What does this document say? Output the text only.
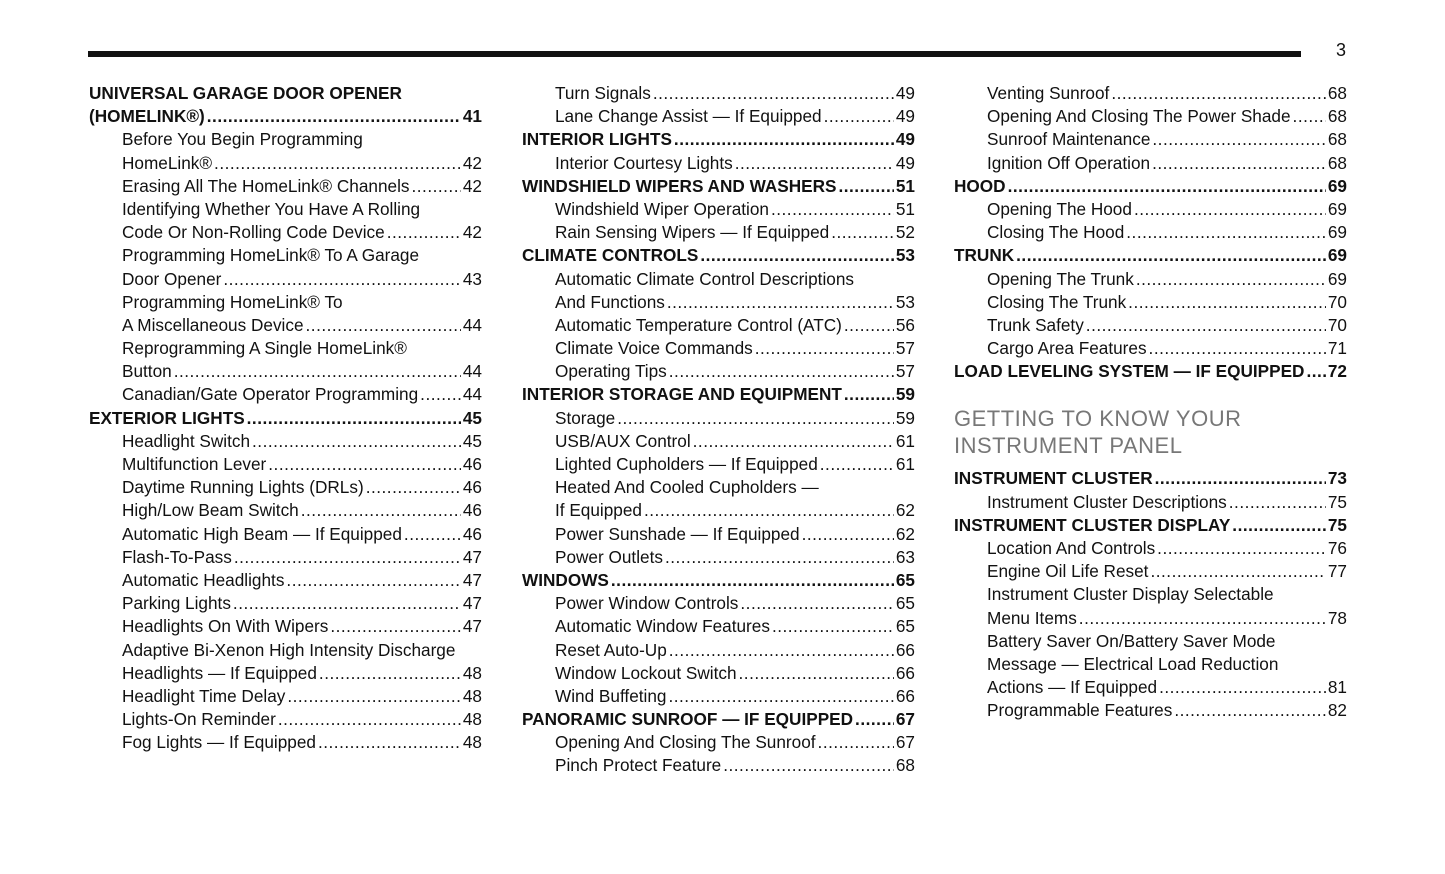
3
UNIVERSAL GARAGE DOOR OPENER
(HOMELINK®) .....	41
Before You Begin Programming
HomeLink® .....	42
Erasing All The HomeLink® Channels .....	42
Identifying Whether You Have A Rolling
Code Or Non-Rolling Code Device .....	42
Programming HomeLink® To A Garage
Door Opener .....	43
Programming HomeLink® To
A Miscellaneous Device .....	44
Reprogramming A Single HomeLink®
Button .....	44
Canadian/Gate Operator Programming .....	44
EXTERIOR LIGHTS .....	45
Headlight Switch .....	45
Multifunction Lever .....	46
Daytime Running Lights (DRLs) .....	46
High/Low Beam Switch .....	46
Automatic High Beam — If Equipped .....	46
Flash-To-Pass .....	47
Automatic Headlights .....	47
Parking Lights .....	47
Headlights On With Wipers .....	47
Adaptive Bi-Xenon High Intensity Discharge
Headlights — If Equipped .....	48
Headlight Time Delay .....	48
Lights-On Reminder .....	48
Fog Lights — If Equipped .....	48
Turn Signals .....	49
Lane Change Assist — If Equipped .....	49
INTERIOR LIGHTS .....	49
Interior Courtesy Lights .....	49
WINDSHIELD WIPERS AND WASHERS .....	51
Windshield Wiper Operation .....	51
Rain Sensing Wipers — If Equipped .....	52
CLIMATE CONTROLS .....	53
Automatic Climate Control Descriptions
And Functions .....	53
Automatic Temperature Control (ATC) .....	56
Climate Voice Commands .....	57
Operating Tips .....	57
INTERIOR STORAGE AND EQUIPMENT .....	59
Storage .....	59
USB/AUX Control .....	61
Lighted Cupholders — If Equipped .....	61
Heated And Cooled Cupholders —
If Equipped .....	62
Power Sunshade — If Equipped .....	62
Power Outlets .....	63
WINDOWS .....	65
Power Window Controls .....	65
Automatic Window Features .....	65
Reset Auto-Up .....	66
Window Lockout Switch .....	66
Wind Buffeting .....	66
PANORAMIC SUNROOF — IF EQUIPPED ..... 67
Opening And Closing The Sunroof .....	67
Pinch Protect Feature .....	68
Venting Sunroof .....	68
Opening And Closing The Power Shade ..... 68
Sunroof Maintenance .....	68
Ignition Off Operation .....	68
HOOD .....	69
Opening The Hood .....	69
Closing The Hood .....	69
TRUNK .....	69
Opening The Trunk .....	69
Closing The Trunk .....	70
Trunk Safety .....	70
Cargo Area Features .....	71
LOAD LEVELING SYSTEM — IF EQUIPPED ..... 72
GETTING TO KNOW YOUR
INSTRUMENT PANEL
INSTRUMENT CLUSTER .....	73
Instrument Cluster Descriptions .....	75
INSTRUMENT CLUSTER DISPLAY .....	75
Location And Controls .....	76
Engine Oil Life Reset .....	77
Instrument Cluster Display Selectable
Menu Items .....	78
Battery Saver On/Battery Saver Mode
Message — Electrical Load Reduction
Actions — If Equipped .....	81
Programmable Features .....	82
